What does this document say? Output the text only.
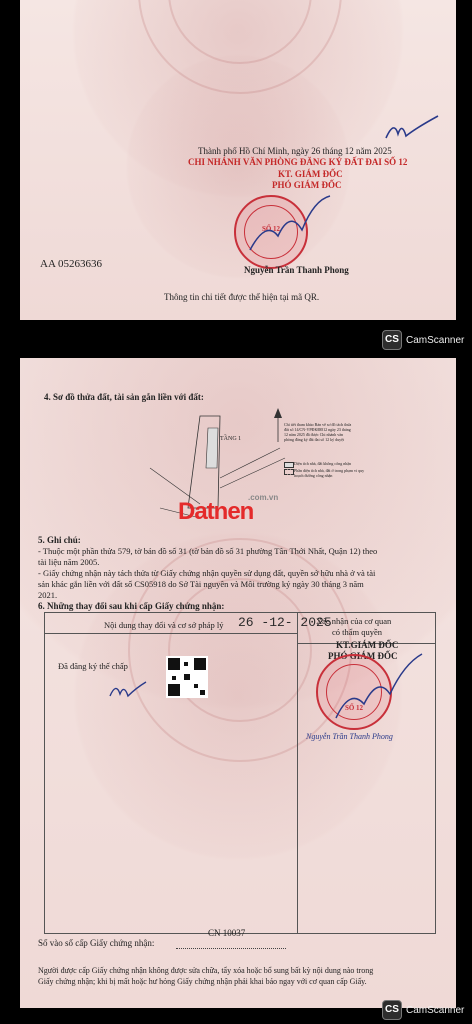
Thành phố Hồ Chí Minh, ngày 26 tháng 12 năm 2025
CHI NHÁNH VĂN PHÒNG ĐĂNG KÝ ĐẤT ĐAI SỐ 12
KT. GIÁM ĐỐC
PHÓ GIÁM ĐỐC
SỐ 12
AA 05263636	Nguyễn Trần Thanh Phong
Thông tin chi tiết được thể hiện tại mã QR.
CS CamScanner
4. Sơ đồ thửa đất, tài sản gắn liền với đất:
TẦNG 1
Chỉ tiết tham khảo Bản vẽ sơ đồ tách thửa đất số 14/CN-VPĐKĐĐ12 ngày 23 tháng 12 năm 2025 đã được Chi nhánh văn phòng đăng ký đất đai số 12 ký duyệt
Diện tích nhà, đất không công nhận
Phần diện tích nhà, đất ở trong phạm vi quy hoạch đường công nhận
Datnen
.com.vn
5. Ghi chú:
- Thuộc một phần thửa 579, tờ bản đồ số 31 (tờ bản đồ số 31 phường Tân Thới Nhất, Quận 12) theo
tài liệu năm 2005.
- Giấy chứng nhận này tách thửa từ Giấy chứng nhận quyền sử dụng đất, quyền sở hữu nhà ở và tài
sản khác gắn liền với đất số CS05918 do Sở Tài nguyên và Môi trường ký ngày 30 tháng 3 năm
2021.
6. Những thay đổi sau khi cấp Giấy chứng nhận:
Nội dung thay đổi và cơ sở pháp lý 26 -12- 2025
Xác nhận của cơ quan
có thẩm quyền
Đã đăng ký thế chấp
KT.GIÁM ĐỐC
PHÓ GIÁM ĐỐC
SỐ 12
Nguyễn Trần Thanh Phong
CN 10037
Số vào sổ cấp Giấy chứng nhận:
Người được cấp Giấy chứng nhận không được sửa chữa, tẩy xóa hoặc bổ sung bất kỳ nội dung nào trong
Giấy chứng nhận; khi bị mất hoặc hư hỏng Giấy chứng nhận phải khai báo ngay với cơ quan cấp Giấy.
CS CamScanner
